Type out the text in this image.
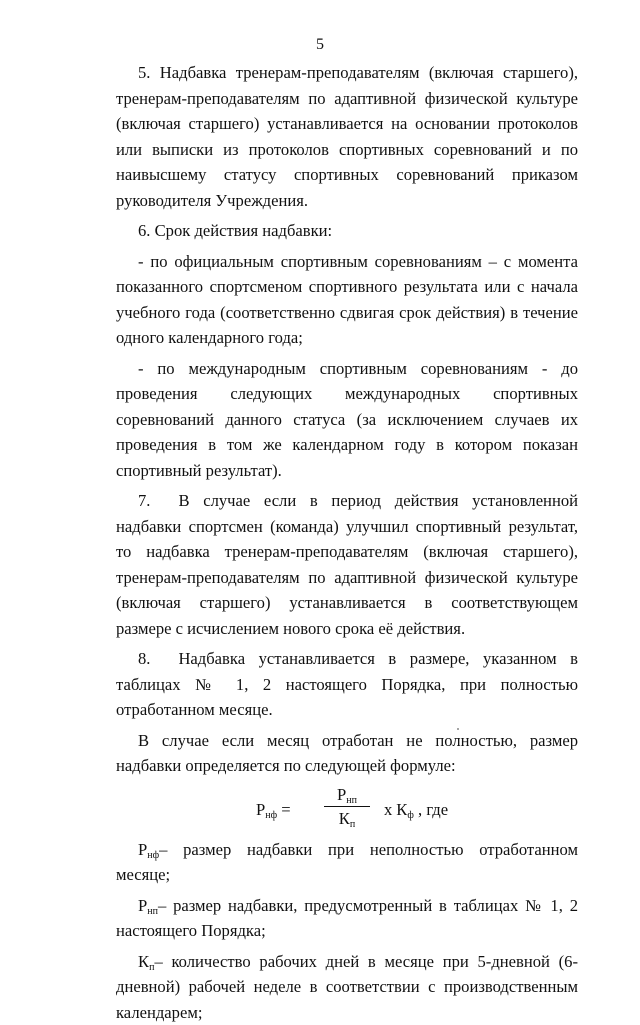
5

5. Надбавка тренерам-преподавателям (включая старшего), тренерам-преподавателям по адаптивной физической культуре (включая старшего) устанавливается на основании протоколов или выписки из протоколов спортивных соревнований и по наивысшему статусу спортивных соревнований приказом руководителя Учреждения.

6. Срок действия надбавки:

- по официальным спортивным соревнованиям – с момента показанного спортсменом спортивного результата или с начала учебного года (соответственно сдвигая срок действия) в течение одного календарного года;

- по международным спортивным соревнованиям - до проведения следующих международных спортивных соревнований данного статуса (за исключением случаев их проведения в том же календарном году в котором показан спортивный результат).

7. В случае если в период действия установленной надбавки спортсмен (команда) улучшил спортивный результат, то надбавка тренерам-преподавателям (включая старшего), тренерам-преподавателям по адаптивной физической культуре (включая старшего) устанавливается в соответствующем размере с исчислением нового срока её действия.

8. Надбавка устанавливается в размере, указанном в таблицах № 1, 2 настоящего Порядка, при полностью отработанном месяце.

В случае если месяц отработан не полностью, размер надбавки определяется по следующей формуле:

$Р_{нф}$ =
$Р_{нп}$
$К_п$
х $К_ф$ , где

$Р_{нф}-$ размер надбавки при неполностью отработанном месяце;

$Р_{нп}-$ размер надбавки, предусмотренный в таблицах № 1, 2 настоящего Порядка;

$К_п-$ количество рабочих дней в месяце при 5-дневной (6-дневной) рабочей неделе в соответствии с производственным календарем;
